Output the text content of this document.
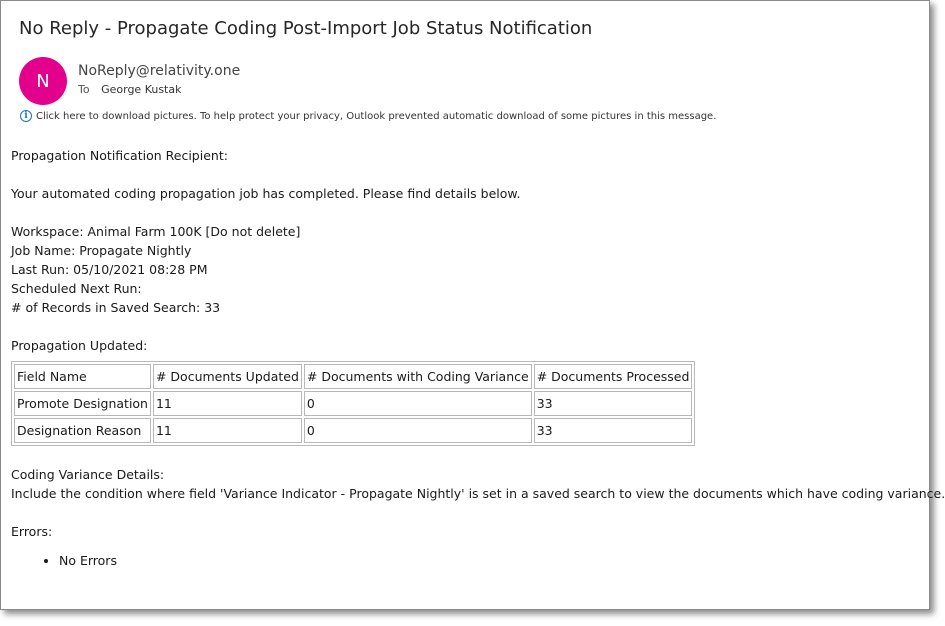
No Reply - Propagate Coding Post-Import Job Status Notification
N	NoReply@relativity.one
To George Kustak
i Click here to download pictures. To help protect your privacy, Outlook prevented automatic download of some pictures in this message.

Propagation Notification Recipient:

Your automated coding propagation job has completed. Please find details below.

Workspace: Animal Farm 100K [Do not delete]

Job Name: Propagate Nightly

Last Run: 05/10/2021 08:28 PM

Scheduled Next Run:

# of Records in Saved Search: 33

Propagation Updated:

Field Name	# Documents Updated	# Documents with Coding Variance	# Documents Processed
Promote Designation	11	0	33
Designation Reason	11	0	33

Coding Variance Details:

Include the condition where field 'Variance Indicator - Propagate Nightly' is set in a saved search to view the documents which have coding variance.

Errors:

• No Errors
